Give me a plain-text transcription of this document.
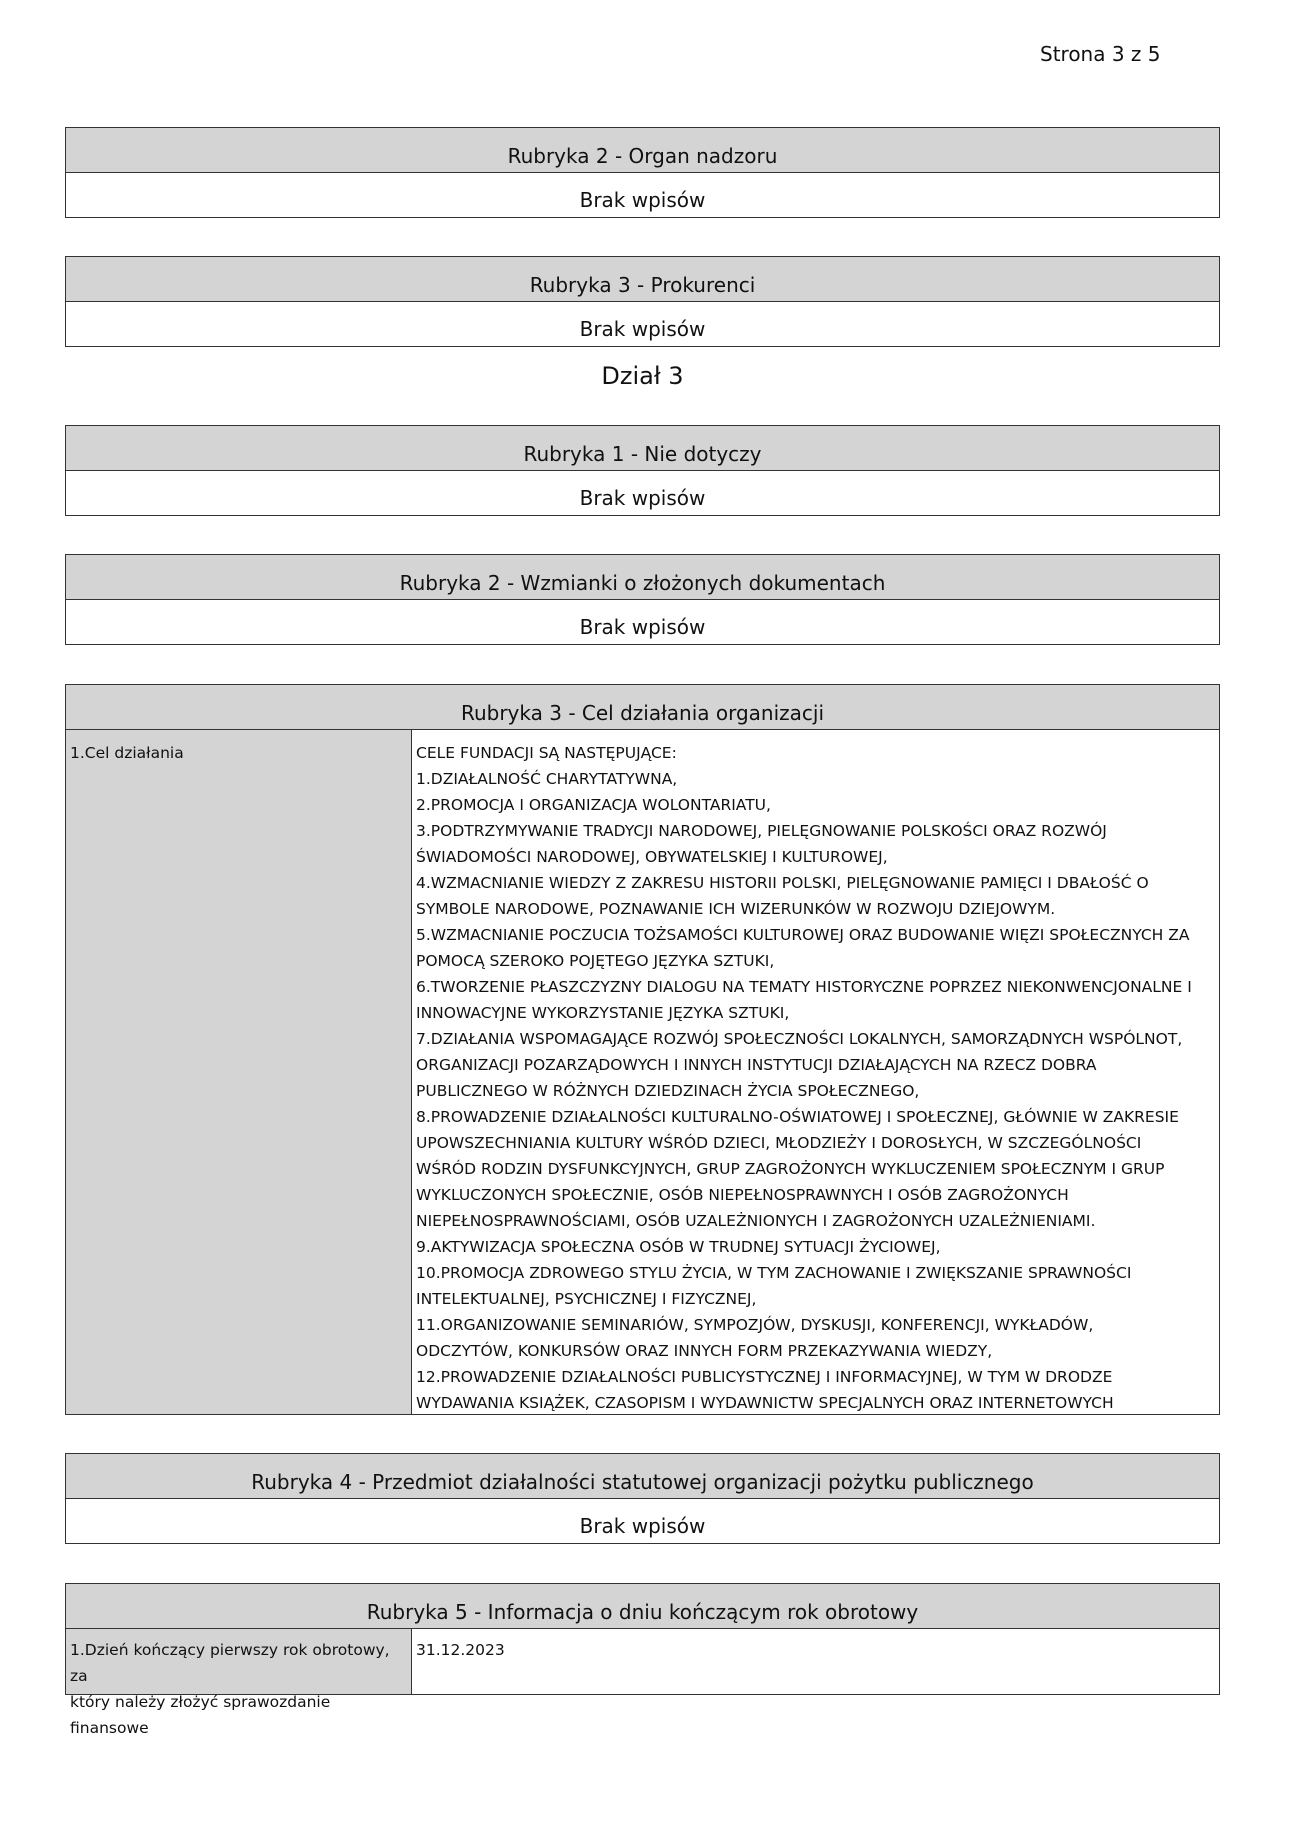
Strona 3 z 5
Rubryka 2 - Organ nadzoru
Brak wpisów
Rubryka 3 - Prokurenci
Brak wpisów
Dział 3
Rubryka 1 - Nie dotyczy
Brak wpisów
Rubryka 2 - Wzmianki o złożonych dokumentach
Brak wpisów
Rubryka 3 - Cel działania organizacji
1.Cel działania	CELE FUNDACJI SĄ NASTĘPUJĄCE:
1.DZIAŁALNOŚĆ CHARYTATYWNA,
2.PROMOCJA I ORGANIZACJA WOLONTARIATU,
3.PODTRZYMYWANIE TRADYCJI NARODOWEJ, PIELĘGNOWANIE POLSKOŚCI ORAZ ROZWÓJ
ŚWIADOMOŚCI NARODOWEJ, OBYWATELSKIEJ I KULTUROWEJ,
4.WZMACNIANIE WIEDZY Z ZAKRESU HISTORII POLSKI, PIELĘGNOWANIE PAMIĘCI I DBAŁOŚĆ O
SYMBOLE NARODOWE, POZNAWANIE ICH WIZERUNKÓW W ROZWOJU DZIEJOWYM.
5.WZMACNIANIE POCZUCIA TOŻSAMOŚCI KULTUROWEJ ORAZ BUDOWANIE WIĘZI SPOŁECZNYCH ZA
POMOCĄ SZEROKO POJĘTEGO JĘZYKA SZTUKI,
6.TWORZENIE PŁASZCZYZNY DIALOGU NA TEMATY HISTORYCZNE POPRZEZ NIEKONWENCJONALNE I
INNOWACYJNE WYKORZYSTANIE JĘZYKA SZTUKI,
7.DZIAŁANIA WSPOMAGAJĄCE ROZWÓJ SPOŁECZNOŚCI LOKALNYCH, SAMORZĄDNYCH WSPÓLNOT,
ORGANIZACJI POZARZĄDOWYCH I INNYCH INSTYTUCJI DZIAŁAJĄCYCH NA RZECZ DOBRA
PUBLICZNEGO W RÓŻNYCH DZIEDZINACH ŻYCIA SPOŁECZNEGO,
8.PROWADZENIE DZIAŁALNOŚCI KULTURALNO-OŚWIATOWEJ I SPOŁECZNEJ, GŁÓWNIE W ZAKRESIE
UPOWSZECHNIANIA KULTURY WŚRÓD DZIECI, MŁODZIEŻY I DOROSŁYCH, W SZCZEGÓLNOŚCI
WŚRÓD RODZIN DYSFUNKCYJNYCH, GRUP ZAGROŻONYCH WYKLUCZENIEM SPOŁECZNYM I GRUP
WYKLUCZONYCH SPOŁECZNIE, OSÓB NIEPEŁNOSPRAWNYCH I OSÓB ZAGROŻONYCH
NIEPEŁNOSPRAWNOŚCIAMI, OSÓB UZALEŻNIONYCH I ZAGROŻONYCH UZALEŻNIENIAMI.
9.AKTYWIZACJA SPOŁECZNA OSÓB W TRUDNEJ SYTUACJI ŻYCIOWEJ,
10.PROMOCJA ZDROWEGO STYLU ŻYCIA, W TYM ZACHOWANIE I ZWIĘKSZANIE SPRAWNOŚCI
INTELEKTUALNEJ, PSYCHICZNEJ I FIZYCZNEJ,
11.ORGANIZOWANIE SEMINARIÓW, SYMPOZJÓW, DYSKUSJI, KONFERENCJI, WYKŁADÓW,
ODCZYTÓW, KONKURSÓW ORAZ INNYCH FORM PRZEKAZYWANIA WIEDZY,
12.PROWADZENIE DZIAŁALNOŚCI PUBLICYSTYCZNEJ I INFORMACYJNEJ, W TYM W DRODZE
WYDAWANIA KSIĄŻEK, CZASOPISM I WYDAWNICTW SPECJALNYCH ORAZ INTERNETOWYCH
Rubryka 4 - Przedmiot działalności statutowej organizacji pożytku publicznego
Brak wpisów
Rubryka 5 - Informacja o dniu kończącym rok obrotowy
1.Dzień kończący pierwszy rok obrotowy, za
który należy złożyć sprawozdanie finansowe
31.12.2023
